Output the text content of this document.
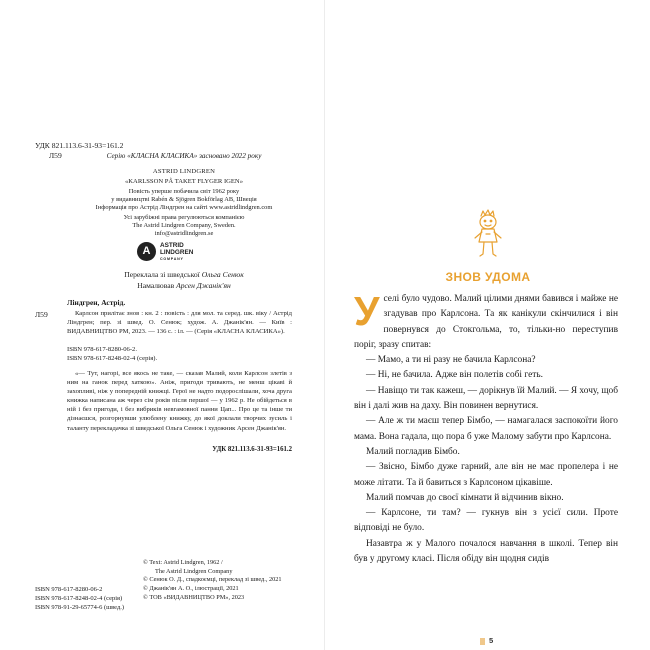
УДК 821.113.6-31-93=161.2
Л59	Серію «КЛАСНА КЛАСИКА» засновано 2022 року
ASTRID LINDGREN
«KARLSSON PÅ TAKET FLYGER IGEN»
Повість уперше побачила світ 1962 року
у видавництві Rabén & Sjögren Bokförlag AB, Швеція
Інформація про Астрід Ліндгрен на сайті www.astridlindgren.com
Усі зарубіжні права регулюються компанією
The Astrid Lindgren Company, Sweden.
info@astridlindgren.se
A	ASTRID
LINDGREN
COMPANY
Переклала зі шведської Ольга Сенюк
Намалював Арсен Джанік'ян
Л59
Ліндгрен, Астрід.

Карлсон прилітає знов : кн. 2 : повість : для мол. та серед. шк. віку / Астрід Ліндгрен; пер. зі швед. О. Сенюк; худож. А. Джанік'ян. — Київ : ВИДАВНИЦТВО РМ, 2023. — 136 с. : іл. — (Серія «КЛАСНА КЛАСИКА»).

ISBN 978-617-8280-06-2.
ISBN 978-617-8248-02-4 (серія).
«— Тут, нагорі, все якось не таке, — сказав Малий, коли Карлсон злетів з ним на ганок перед хаткою». Аніж, пригоди тривають, не менш цікаві й захопливі, ніж у попередній книжці. Герої не надто подорослішали, хоча друга книжка написана аж через сім років після першої — у 1962 р. Не обійдеться в ній і без пригоди, і без вибриків невгамовної панни Цап... Про це та інше ти дізнаєшся, розгорнувши улюблену книжку, до якої доклали творчих зусиль і таланту перекладачка зі шведської Ольга Сенюк і художник Арсен Джанік'ян.
УДК 821.113.6-31-93=161.2
ISBN 978-617-8280-06-2
ISBN 978-617-8248-02-4 (серія)
ISBN 978-91-29-65774-6 (швед.)
© Text: Astrid Lindgren, 1962 /
The Astrid Lindgren Company
© Сенюк О. Д., спадкоємці, переклад зі швед., 2021
© Джанік'ян А. О., ілюстрації, 2021
© ТОВ «ВИДАВНИЦТВО РМ», 2023
ЗНОВ УДОМА

Уселі було чудово. Малий цілими днями бавився і майже не згадував про Карлсона. Та як канікули скінчилися і він повернувся до Стокгольма, то, тільки-но переступив поріг, зразу спитав:

— Мамо, а ти ні разу не бачила Карлсона?

— Ні, не бачила. Адже він полетів собі геть.

— Навіщо ти так кажеш, — дорікнув їй Малий. — Я хочу, щоб він і далі жив на даху. Він повинен вернутися.

— Але ж ти маєш тепер Бімбо, — намагалася заспокоїти його мама. Вона гадала, що пора б уже Малому забути про Карлсона.

Малий погладив Бімбо.

— Звісно, Бімбо дуже гарний, але він не має пропелера і не може літати. Та й бавиться з Карлсоном цікавіше.

Малий помчав до своєї кімнати й відчинив вікно.

— Карлсоне, ти там? — гукнув він з усієї сили. Проте відповіді не було.

Назавтра ж у Малого почалося навчання в школі. Тепер він був у другому класі. Після обіду він щодня сидів

5
